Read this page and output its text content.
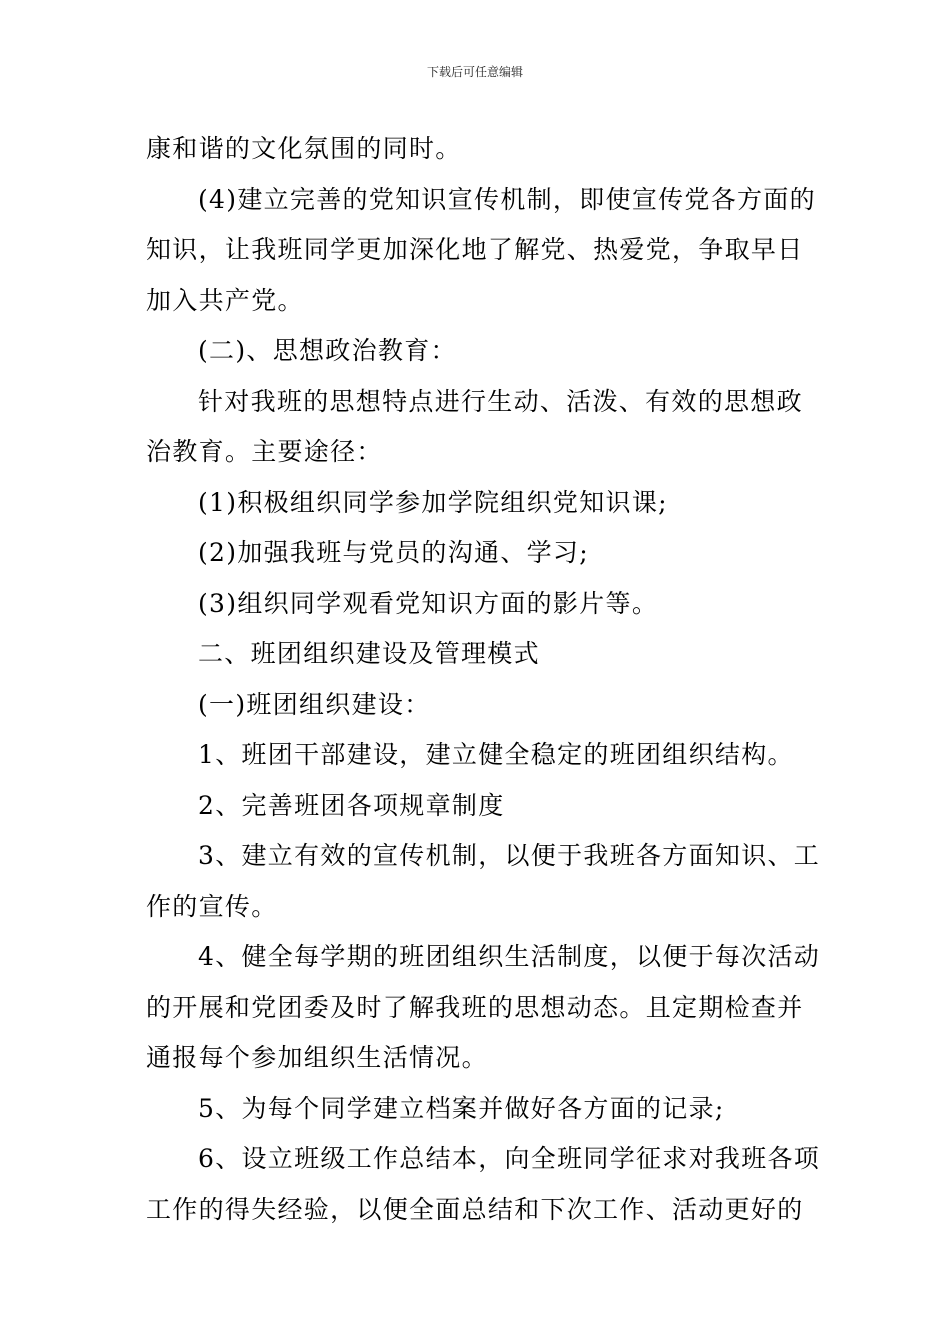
下载后可任意编辑

康和谐的文化氛围的同时。

(4)建立完善的党知识宣传机制，即使宣传党各方面的

知识，让我班同学更加深化地了解党、热爱党，争取早日

加入共产党。

(二)、思想政治教育：

针对我班的思想特点进行生动、活泼、有效的思想政

治教育。主要途径：

(1)积极组织同学参加学院组织党知识课;

(2)加强我班与党员的沟通、学习;

(3)组织同学观看党知识方面的影片等。

二、班团组织建设及管理模式

(一)班团组织建设：

1、班团干部建设，建立健全稳定的班团组织结构。

2、完善班团各项规章制度

3、建立有效的宣传机制，以便于我班各方面知识、工

作的宣传。

4、健全每学期的班团组织生活制度，以便于每次活动

的开展和党团委及时了解我班的思想动态。且定期检查并

通报每个参加组织生活情况。

5、为每个同学建立档案并做好各方面的记录;

6、设立班级工作总结本，向全班同学征求对我班各项

工作的得失经验，以便全面总结和下次工作、活动更好的
